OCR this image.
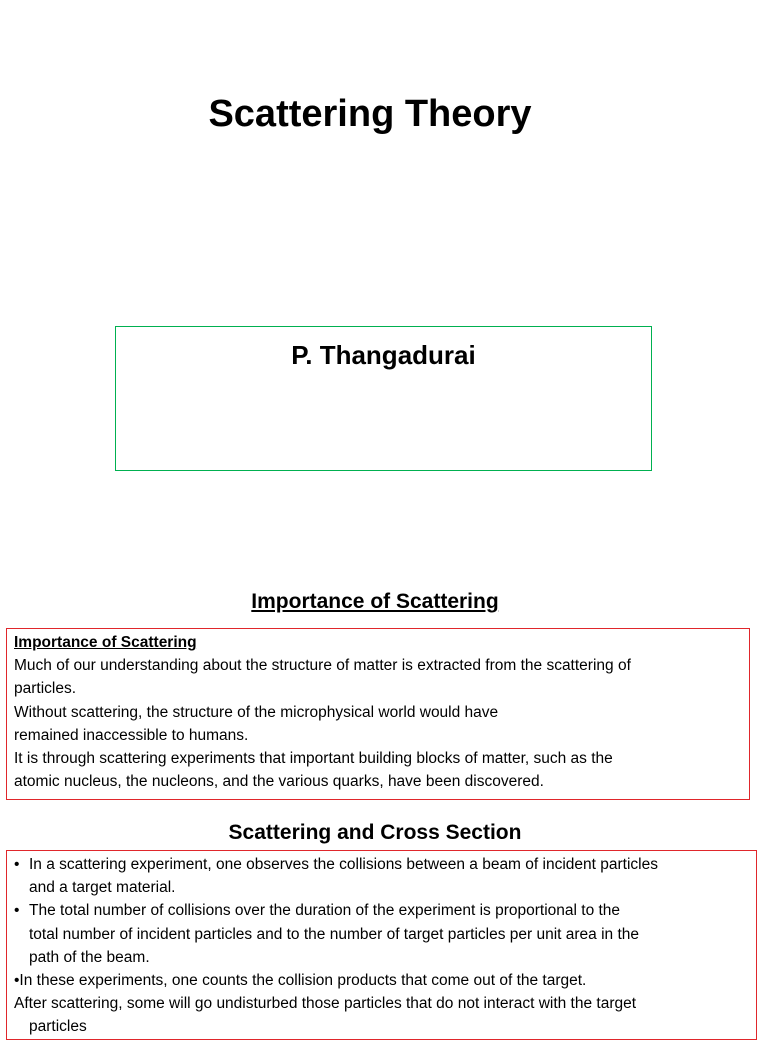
Scattering Theory
P. Thangadurai
Importance of Scattering
Importance of Scattering
Much of our understanding about the structure of matter is extracted from the scattering of
particles.
Without scattering, the structure of the microphysical world would have
remained inaccessible to humans.
It is through scattering experiments that important building blocks of matter, such as the
atomic nucleus, the nucleons, and the various quarks, have been discovered.
Scattering and Cross Section
• In a scattering experiment, one observes the collisions between a beam of incident particles
and a target material.
• The total number of collisions over the duration of the experiment is proportional to the
total number of incident particles and to the number of target particles per unit area in the
path of the beam.
•In these experiments, one counts the collision products that come out of the target.
After scattering, some will go undisturbed those particles that do not interact with the target
particles
